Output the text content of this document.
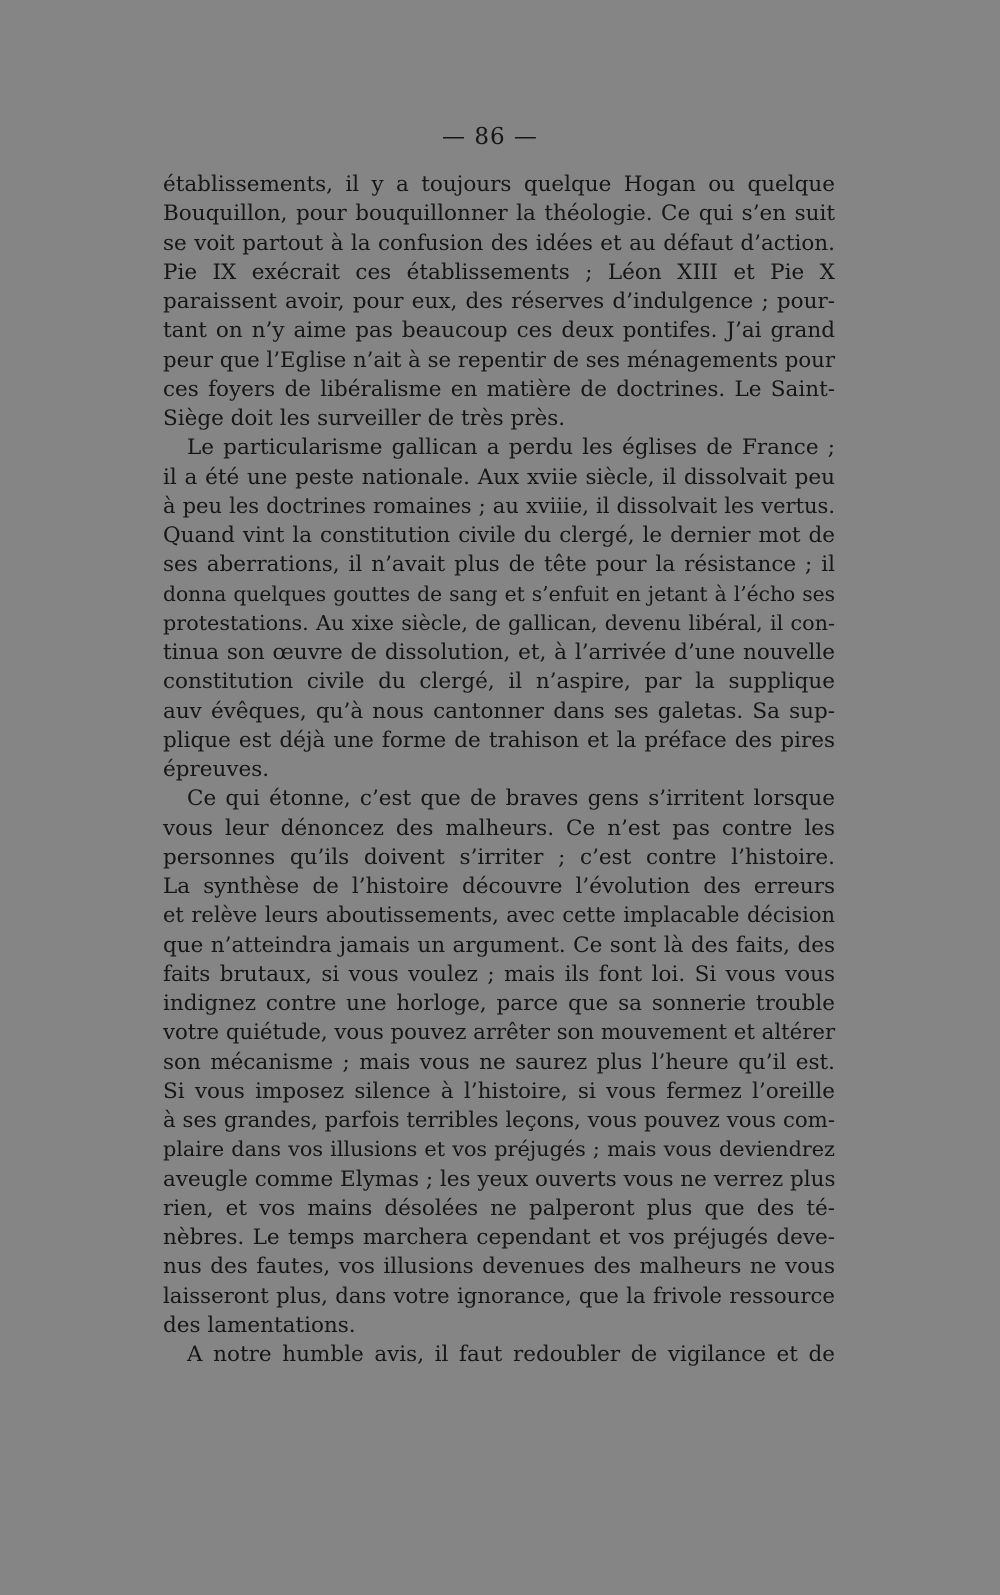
— 86 —
établissements, il y a toujours quelque Hogan ou quelque
Bouquillon, pour bouquillonner la théologie. Ce qui s’en suit
se voit partout à la confusion des idées et au défaut d’action.
Pie IX exécrait ces établissements ; Léon XIII et Pie X
paraissent avoir, pour eux, des réserves d’indulgence ; pour-
tant on n’y aime pas beaucoup ces deux pontifes. J’ai grand
peur que l’Eglise n’ait à se repentir de ses ménagements pour
ces foyers de libéralisme en matière de doctrines. Le Saint-
Siège doit les surveiller de très près.
Le particularisme gallican a perdu les églises de France ;
il a été une peste nationale. Aux xviie siècle, il dissolvait peu
à peu les doctrines romaines ; au xviiie, il dissolvait les vertus.
Quand vint la constitution civile du clergé, le dernier mot de
ses aberrations, il n’avait plus de tête pour la résistance ; il
donna quelques gouttes de sang et s’enfuit en jetant à l’écho ses
protestations. Au xixe siècle, de gallican, devenu libéral, il con-
tinua son œuvre de dissolution, et, à l’arrivée d’une nouvelle
constitution civile du clergé, il n’aspire, par la supplique
auv évêques, qu’à nous cantonner dans ses galetas. Sa sup-
plique est déjà une forme de trahison et la préface des pires
épreuves.
Ce qui étonne, c’est que de braves gens s’irritent lorsque
vous leur dénoncez des malheurs. Ce n’est pas contre les
personnes qu’ils doivent s’irriter ; c’est contre l’histoire.
La synthèse de l’histoire découvre l’évolution des erreurs
et relève leurs aboutissements, avec cette implacable décision
que n’atteindra jamais un argument. Ce sont là des faits, des
faits brutaux, si vous voulez ; mais ils font loi. Si vous vous
indignez contre une horloge, parce que sa sonnerie trouble
votre quiétude, vous pouvez arrêter son mouvement et altérer
son mécanisme ; mais vous ne saurez plus l’heure qu’il est.
Si vous imposez silence à l’histoire, si vous fermez l’oreille
à ses grandes, parfois terribles leçons, vous pouvez vous com-
plaire dans vos illusions et vos préjugés ; mais vous deviendrez
aveugle comme Elymas ; les yeux ouverts vous ne verrez plus
rien, et vos mains désolées ne palperont plus que des té-
nèbres. Le temps marchera cependant et vos préjugés deve-
nus des fautes, vos illusions devenues des malheurs ne vous
laisseront plus, dans votre ignorance, que la frivole ressource
des lamentations.
A notre humble avis, il faut redoubler de vigilance et de
